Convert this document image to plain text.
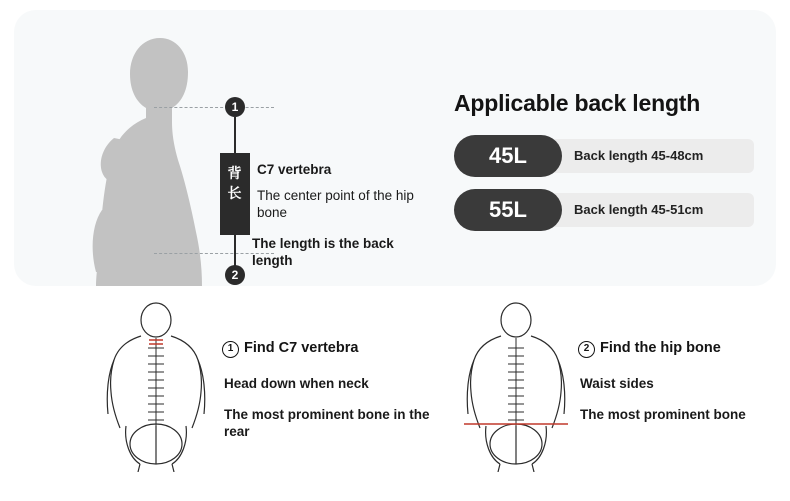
1
2
背
长
C7 vertebra
The center point of the hip bone
The length is the back length
Applicable back length
45L	Back length 45-48cm
55L	Back length 45-51cm
1 Find C7 vertebra
Head down when neck
The most prominent bone in the rear
2 Find the hip bone
Waist sides
The most prominent bone
